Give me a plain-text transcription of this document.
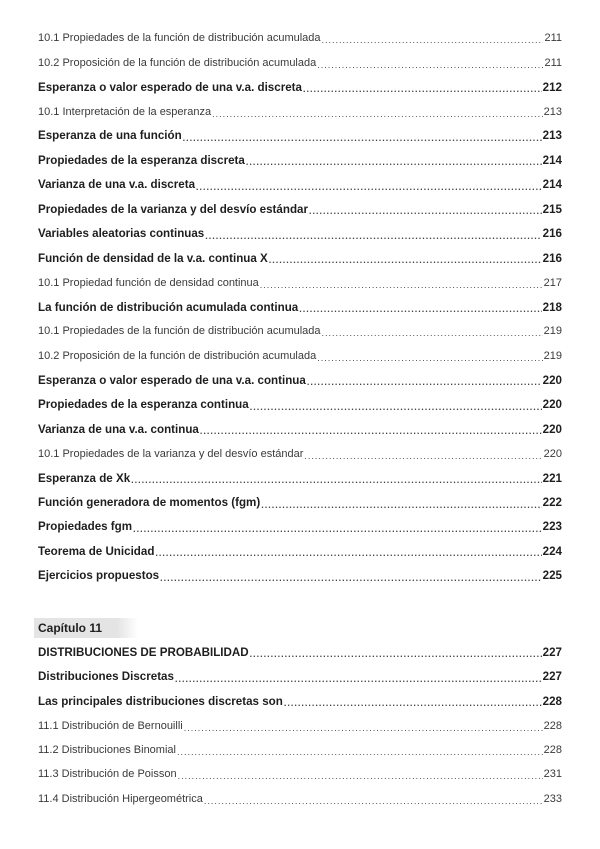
10.1 Propiedades de la función de distribución acumulada .....	211
10.2 Proposición de la función de distribución acumulada .....	211
Esperanza o valor esperado de una v.a. discreta .....	212
10.1 Interpretación de la esperanza .....	213
Esperanza de una función .....	213
Propiedades de la esperanza discreta .....	214
Varianza de una v.a. discreta .....	214
Propiedades de la varianza y del desvío estándar .....	215
Variables aleatorias continuas .....	216
Función de densidad de la v.a. continua X .....	216
10.1 Propiedad función de densidad continua .....	217
La función de distribución acumulada continua .....	218
10.1 Propiedades de la función de distribución acumulada .....	219
10.2 Proposición de la función de distribución acumulada .....	219
Esperanza o valor esperado de una v.a. continua .....	220
Propiedades de la esperanza continua .....	220
Varianza de una v.a. continua .....	220
10.1 Propiedades de la varianza y del desvío estándar .....	220
Esperanza de Xk .....	221
Función generadora de momentos (fgm) .....	222
Propiedades fgm .....	223
Teorema de Unicidad .....	224
Ejercicios propuestos .....	225
Capítulo 11
DISTRIBUCIONES DE PROBABILIDAD .....	227
Distribuciones Discretas .....	227
Las principales distribuciones discretas son .....	228
11.1 Distribución de Bernouilli .....	228
11.2 Distribuciones Binomial .....	228
11.3 Distribución de Poisson .....	231
11.4 Distribución Hipergeométrica .....	233
